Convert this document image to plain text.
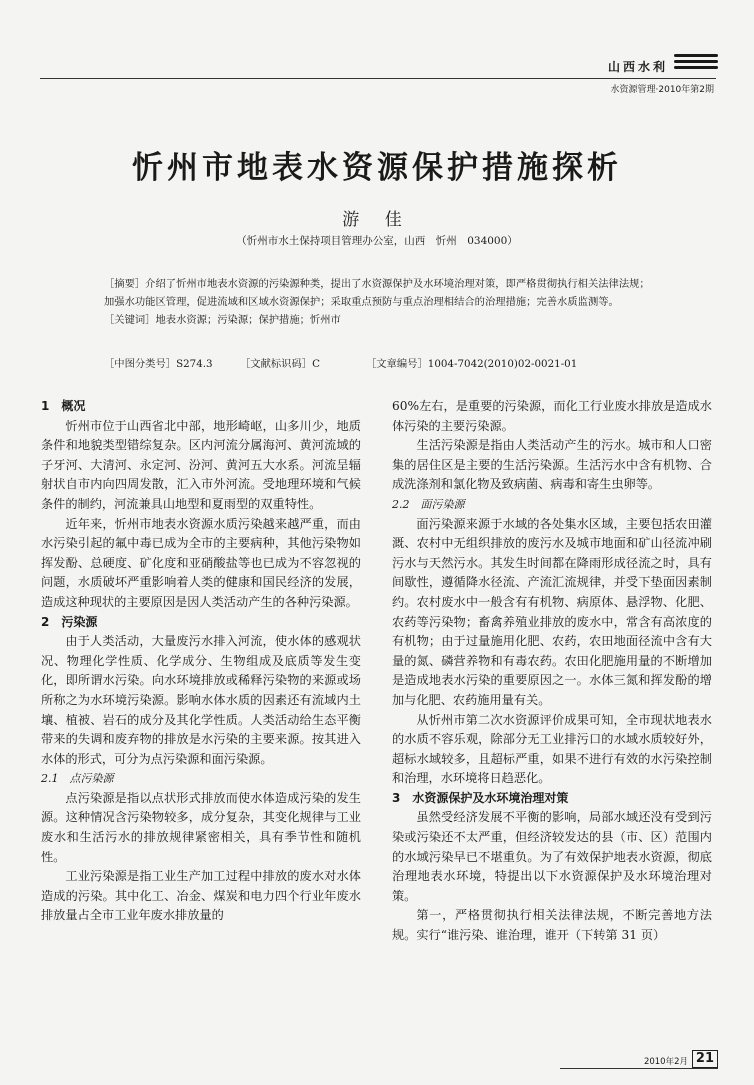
山西水利
水资源管理·2010年第2期
忻州市地表水资源保护措施探析
游 佳
（忻州市水土保持项目管理办公室，山西　忻州　034000）

［摘要］介绍了忻州市地表水资源的污染源种类，提出了水资源保护及水环境治理对策，即严格贯彻执行相关法律法规；加强水功能区管理，促进流域和区域水资源保护；采取重点预防与重点治理相结合的治理措施；完善水质监测等。

［关键词］地表水资源；污染源；保护措施；忻州市

［中图分类号］S274.3	［文献标识码］C	［文章编号］1004-7042(2010)02-0021-01
1　概况

忻州市位于山西省北中部，地形崎岖，山多川少，地质条件和地貌类型错综复杂。区内河流分属海河、黄河流域的子牙河、大清河、永定河、汾河、黄河五大水系。河流呈辐射状自市内向四周发散，汇入市外河流。受地理环境和气候条件的制约，河流兼具山地型和夏雨型的双重特性。

近年来，忻州市地表水资源水质污染越来越严重，而由水污染引起的氟中毒已成为全市的主要病种，其他污染物如挥发酚、总硬度、矿化度和亚硝酸盐等也已成为不容忽视的问题，水质破坏严重影响着人类的健康和国民经济的发展，造成这种现状的主要原因是因人类活动产生的各种污染源。

2　污染源

由于人类活动，大量废污水排入河流，使水体的感观状况、物理化学性质、化学成分、生物组成及底质等发生变化，即所谓水污染。向水环境排放或稀释污染物的来源或场所称之为水环境污染源。影响水体水质的因素还有流域内土壤、植被、岩石的成分及其化学性质。人类活动给生态平衡带来的失调和废弃物的排放是水污染的主要来源。按其进入水体的形式，可分为点污染源和面污染源。

2.1　点污染源

点污染源是指以点状形式排放而使水体造成污染的发生源。这种情况含污染物较多，成分复杂，其变化规律与工业废水和生活污水的排放规律紧密相关，具有季节性和随机性。

工业污染源是指工业生产加工过程中排放的废水对水体造成的污染。其中化工、冶金、煤炭和电力四个行业年废水排放量占全市工业年废水排放量的

60%左右，是重要的污染源，而化工行业废水排放是造成水体污染的主要污染源。

生活污染源是指由人类活动产生的污水。城市和人口密集的居住区是主要的生活污染源。生活污水中含有机物、合成洗涤剂和氯化物及致病菌、病毒和寄生虫卵等。

2.2　面污染源

面污染源来源于水域的各处集水区域，主要包括农田灌溉、农村中无组织排放的废污水及城市地面和矿山径流冲刷污水与天然污水。其发生时间都在降雨形成径流之时，具有间歇性，遵循降水径流、产流汇流规律，并受下垫面因素制约。农村废水中一般含有有机物、病原体、悬浮物、化肥、农药等污染物；畜禽养殖业排放的废水中，常含有高浓度的有机物；由于过量施用化肥、农药，农田地面径流中含有大量的氮、磷营养物和有毒农药。农田化肥施用量的不断增加是造成地表水污染的重要原因之一。水体三氮和挥发酚的增加与化肥、农药施用量有关。

从忻州市第二次水资源评价成果可知，全市现状地表水的水质不容乐观，除部分无工业排污口的水域水质较好外，超标水域较多，且超标严重，如果不进行有效的水污染控制和治理，水环境将日趋恶化。

3　水资源保护及水环境治理对策

虽然受经济发展不平衡的影响，局部水域还没有受到污染或污染还不太严重，但经济较发达的县（市、区）范围内的水域污染早已不堪重负。为了有效保护地表水资源，彻底治理地表水环境，特提出以下水资源保护及水环境治理对策。

第一，严格贯彻执行相关法律法规，不断完善地方法规。实行“谁污染、谁治理，谁开（下转第 31 页）

2010年2月 21
